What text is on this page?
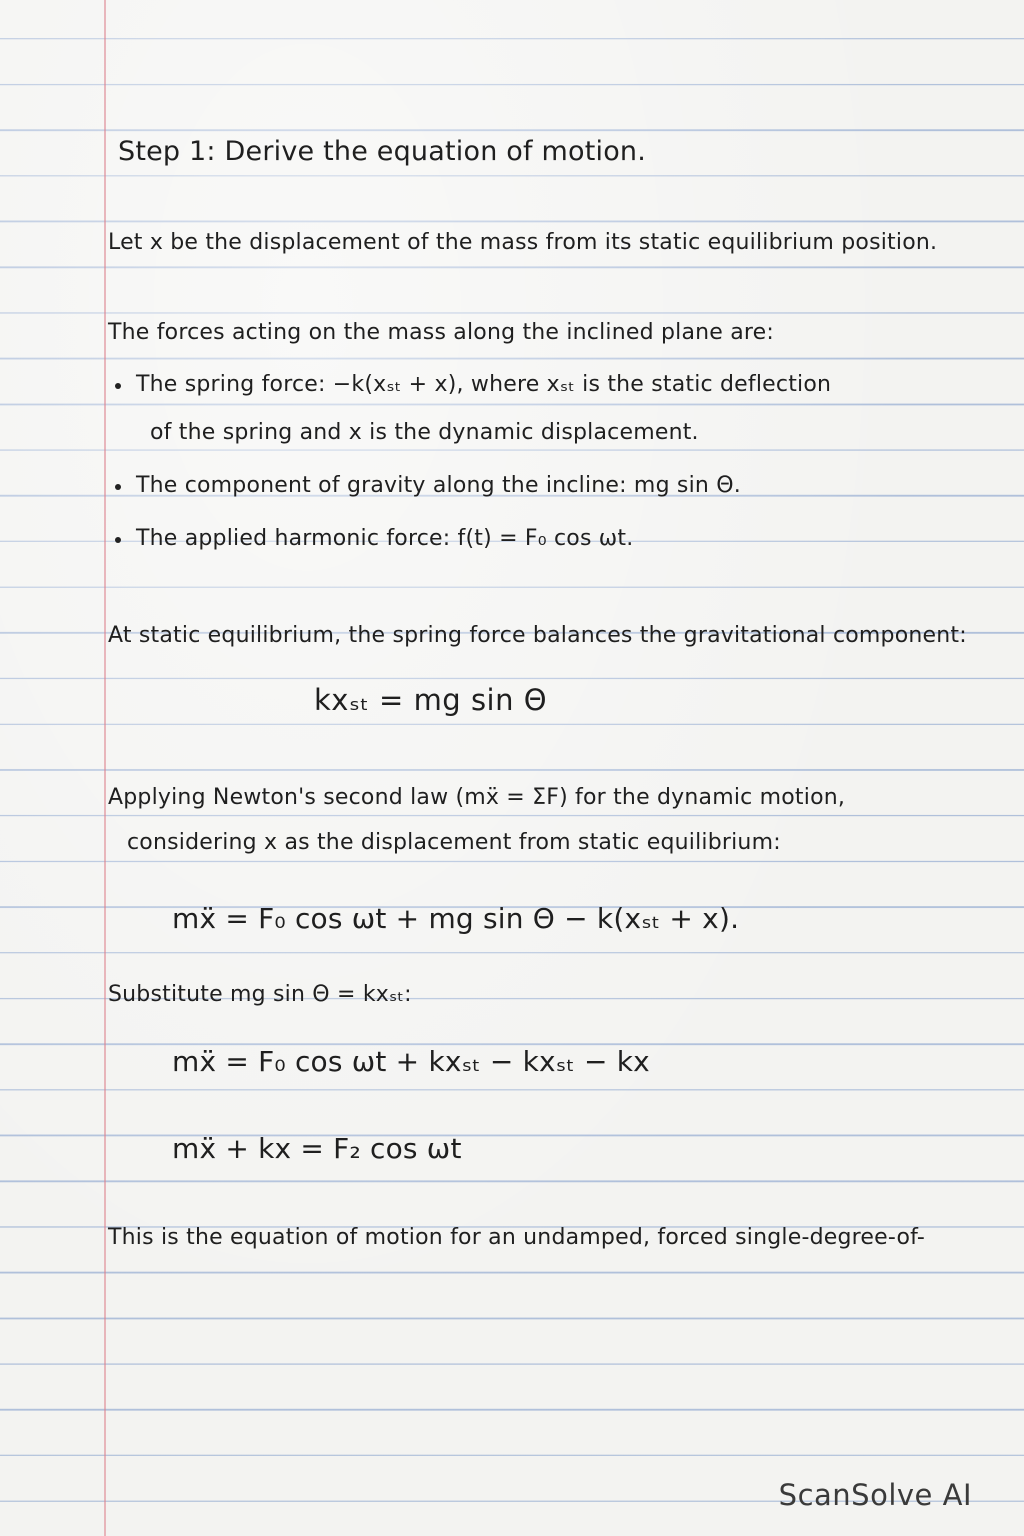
Step 1: Derive the equation of motion.
Let x be the displacement of the mass from its static equilibrium position.
The forces acting on the mass along the inclined plane are:
The spring force: −k(xₛₜ + x), where xₛₜ is the static deflection
of the spring and x is the dynamic displacement.
The component of gravity along the incline: mg sin Θ.
The applied harmonic force: f(t) = F₀ cos ωt.
At static equilibrium, the spring force balances the gravitational component:
kxₛₜ = mg sin Θ
Applying Newton's second law (mẍ = ΣF) for the dynamic motion,
considering x as the displacement from static equilibrium:
mẍ = F₀ cos ωt + mg sin Θ − k(xₛₜ + x).
Substitute mg sin Θ = kxₛₜ:
mẍ = F₀ cos ωt + kxₛₜ − kxₛₜ − kx
mẍ + kx = F₂ cos ωt
This is the equation of motion for an undamped, forced single-degree-of-
ScanSolve AI
